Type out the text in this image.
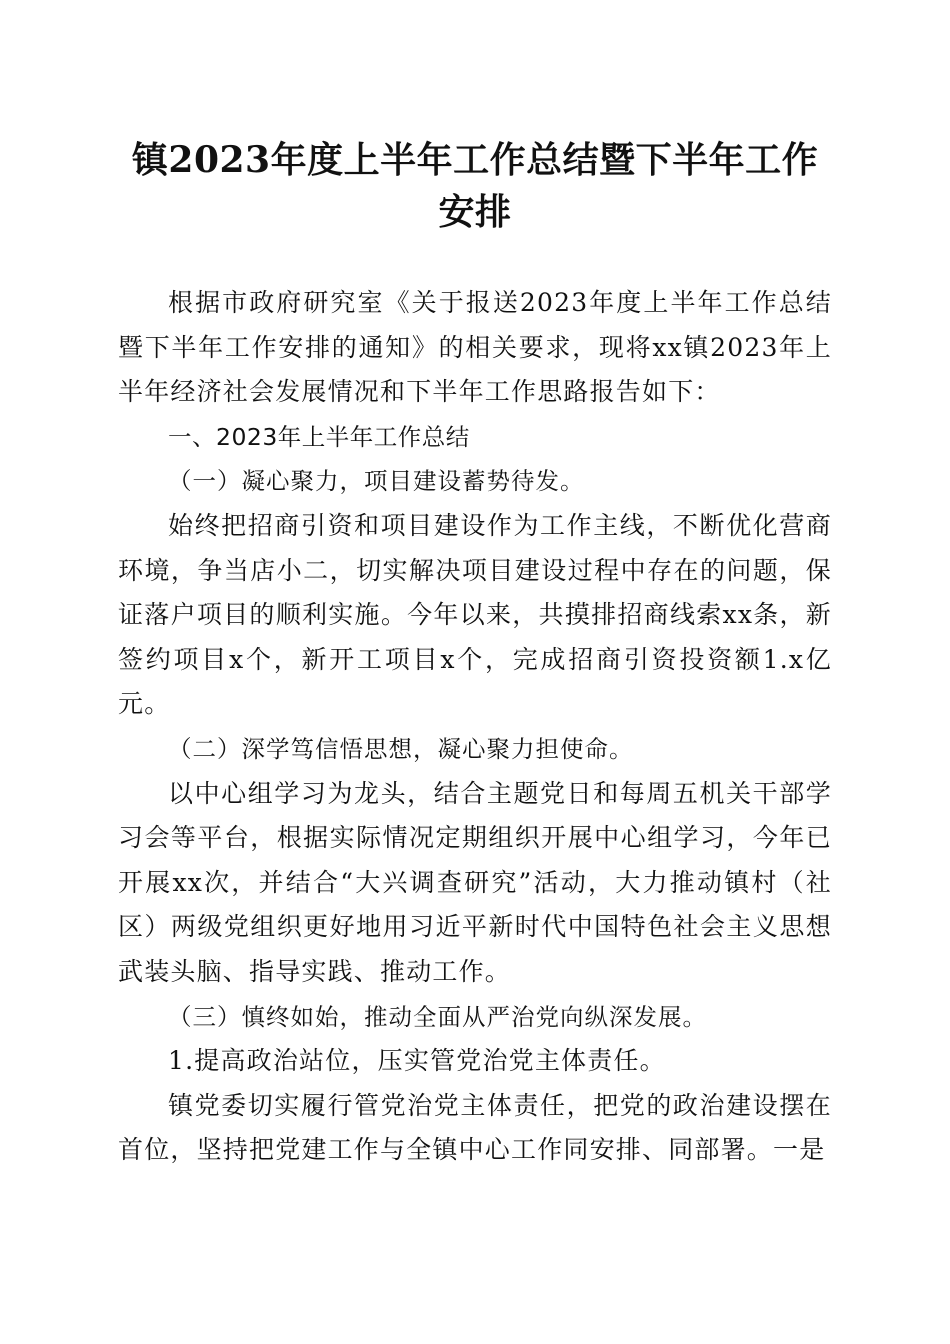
镇2023年度上半年工作总结暨下半年工作安排

根据市政府研究室《关于报送2023年度上半年工作总结暨下半年工作安排的通知》的相关要求，现将xx镇2023年上半年经济社会发展情况和下半年工作思路报告如下：

一、2023年上半年工作总结

（一）凝心聚力，项目建设蓄势待发。

始终把招商引资和项目建设作为工作主线，不断优化营商环境，争当店小二，切实解决项目建设过程中存在的问题，保证落户项目的顺利实施。今年以来，共摸排招商线索xx条，新签约项目x个，新开工项目x个，完成招商引资投资额1.x亿元。

（二）深学笃信悟思想，凝心聚力担使命。

以中心组学习为龙头，结合主题党日和每周五机关干部学习会等平台，根据实际情况定期组织开展中心组学习，今年已开展xx次，并结合“大兴调查研究”活动，大力推动镇村（社区）两级党组织更好地用习近平新时代中国特色社会主义思想武装头脑、指导实践、推动工作。

（三）慎终如始，推动全面从严治党向纵深发展。

1.提高政治站位，压实管党治党主体责任。

镇党委切实履行管党治党主体责任，把党的政治建设摆在首位，坚持把党建工作与全镇中心工作同安排、同部署。一是
